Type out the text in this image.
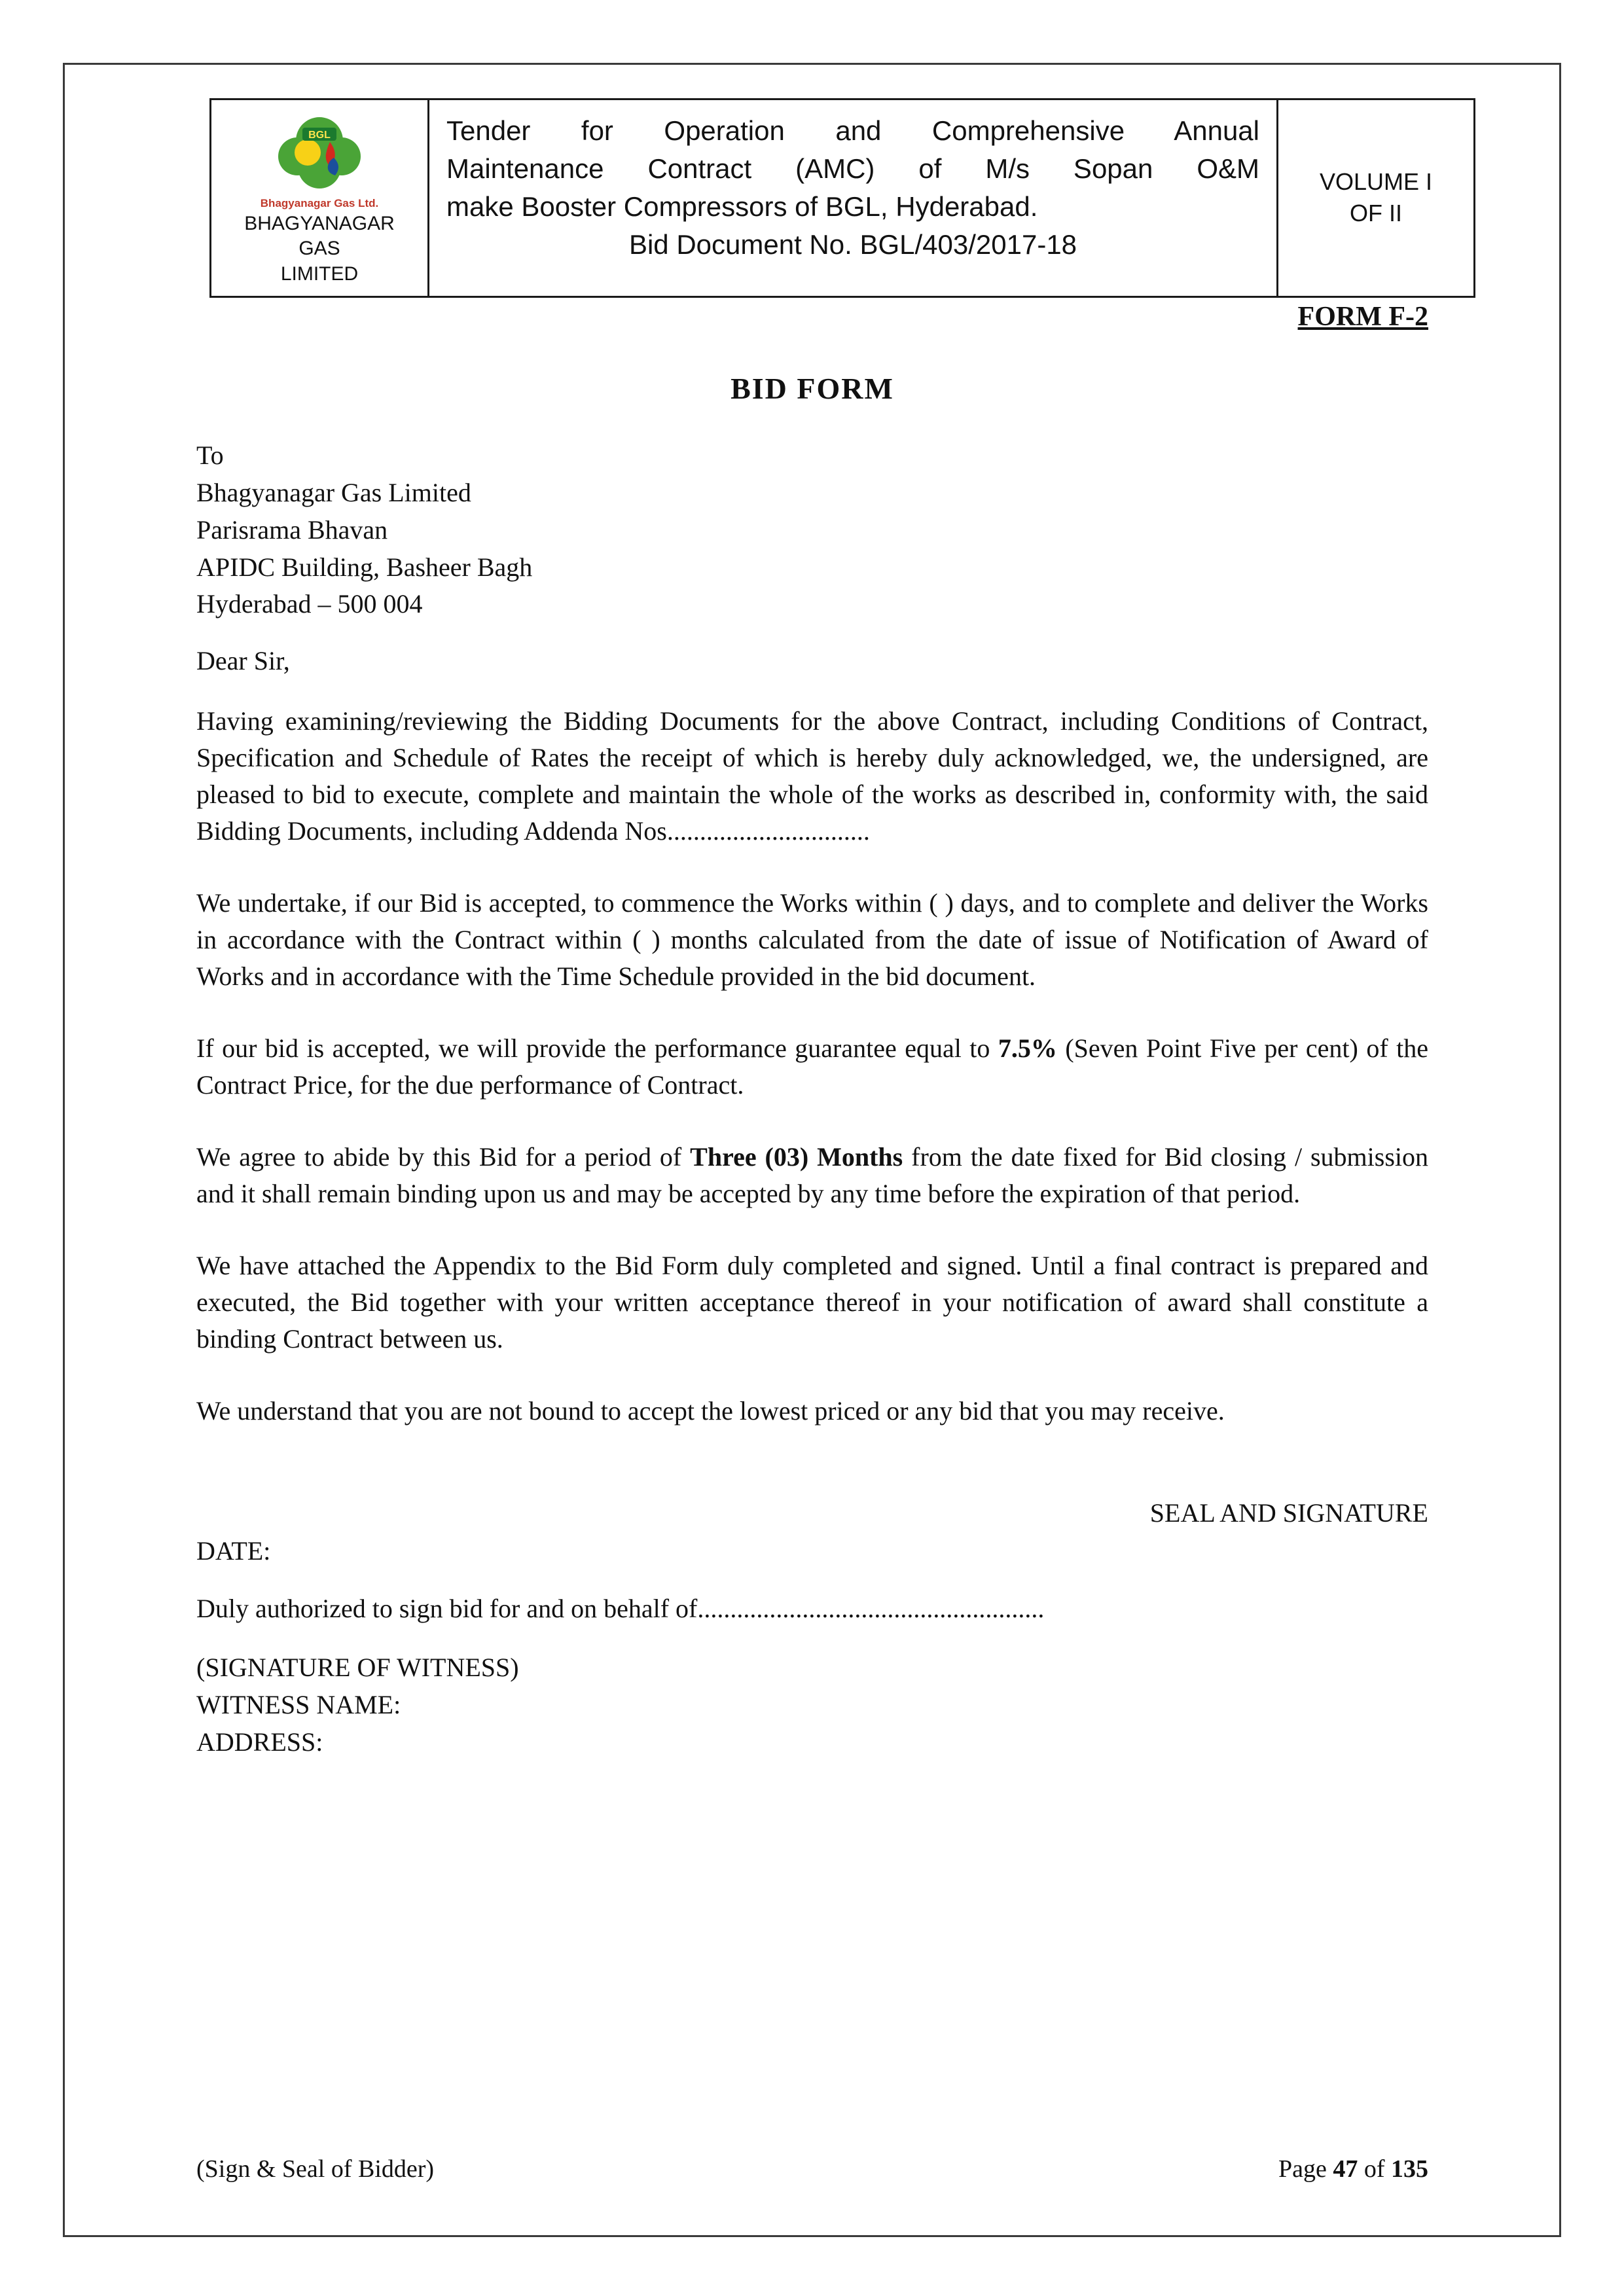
BGL
Bhagyanagar Gas Ltd.
BHAGYANAGAR GAS
LIMITED
Tender for Operation and Comprehensive Annual
Maintenance Contract (AMC) of M/s Sopan O&M
make Booster Compressors of BGL, Hyderabad.
Bid Document No. BGL/403/2017-18
VOLUME I
OF II
FORM F-2
BID FORM
To
Bhagyanagar Gas Limited
Parisrama Bhavan
APIDC Building, Basheer Bagh
Hyderabad – 500 004
Dear Sir,

Having examining/reviewing the Bidding Documents for the above Contract, including Conditions of Contract, Specification and Schedule of Rates the receipt of which is hereby duly acknowledged, we, the undersigned, are pleased to bid to execute, complete and maintain the whole of the works as described in, conformity with, the said Bidding Documents, including Addenda Nos...............................

We undertake, if our Bid is accepted, to commence the Works within ( ) days, and to complete and deliver the Works in accordance with the Contract within ( ) months calculated from the date of issue of Notification of Award of Works and in accordance with the Time Schedule provided in the bid document.

If our bid is accepted, we will provide the performance guarantee equal to 7.5% (Seven Point Five per cent) of the Contract Price, for the due performance of Contract.

We agree to abide by this Bid for a period of Three (03) Months from the date fixed for Bid closing / submission and it shall remain binding upon us and may be accepted by any time before the expiration of that period.

We have attached the Appendix to the Bid Form duly completed and signed. Until a final contract is prepared and executed, the Bid together with your written acceptance thereof in your notification of award shall constitute a binding Contract between us.

We understand that you are not bound to accept the lowest priced or any bid that you may receive.

SEAL AND SIGNATURE
DATE:
Duly authorized to sign bid for and on behalf of.....................................................
(SIGNATURE OF WITNESS)
WITNESS NAME:
ADDRESS:
(Sign & Seal of Bidder)	Page 47 of 135
